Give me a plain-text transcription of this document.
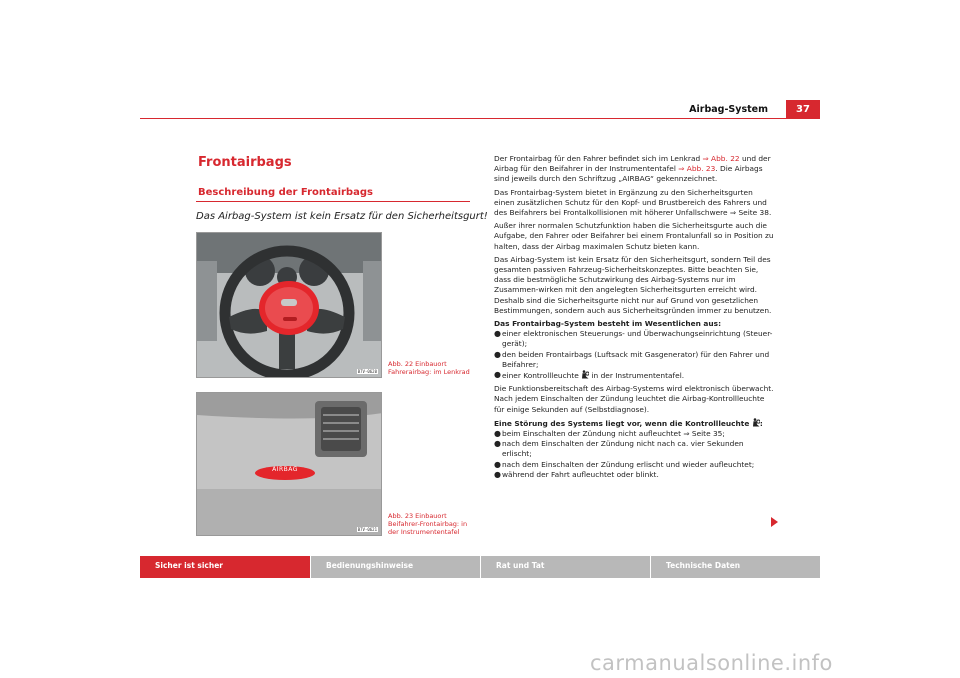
Airbag-System	37
Frontairbags
Beschreibung der Frontairbags
Das Airbag-System ist kein Ersatz für den Sicherheitsgurt!
B7V-0620
Abb. 22 Einbauort
Fahrerairbag: im Lenkrad
AIRBAG
B7V-0621
Abb. 23 Einbauort
Beifahrer-Frontairbag: in
der Instrumententafel

Der Frontairbag für den Fahrer befindet sich im Lenkrad ⇒ Abb. 22 und der Airbag für den Beifahrer in der Instrumententafel ⇒ Abb. 23. Die Airbags sind jeweils durch den Schriftzug „AIRBAG“ gekennzeichnet.

Das Frontairbag-System bietet in Ergänzung zu den Sicherheitsgurten einen zusätzlichen Schutz für den Kopf- und Brustbereich des Fahrers und des Beifahrers bei Frontalkollisionen mit höherer Unfallschwere ⇒ Seite 38.

Außer ihrer normalen Schutzfunktion haben die Sicherheitsgurte auch die Aufgabe, den Fahrer oder Beifahrer bei einem Frontalunfall so in Position zu halten, dass der Airbag maximalen Schutz bieten kann.

Das Airbag-System ist kein Ersatz für den Sicherheitsgurt, sondern Teil des gesamten passiven Fahrzeug-Sicherheitskonzeptes. Bitte beachten Sie, dass die bestmögliche Schutzwirkung des Airbag-Systems nur im Zusammen-wirken mit den angelegten Sicherheitsgurten erreicht wird. Deshalb sind die Sicherheitsgurte nicht nur auf Grund von gesetzlichen Bestimmungen, sondern auch aus Sicherheitsgründen immer zu benutzen.

Das Frontairbag-System besteht im Wesentlichen aus:
● einer elektronischen Steuerungs- und Überwachungseinrichtung (Steuer-gerät);
● den beiden Frontairbags (Luftsack mit Gasgenerator) für den Fahrer und Beifahrer;
● einer Kontrollleuchte  in der Instrumententafel.

Die Funktionsbereitschaft des Airbag-Systems wird elektronisch überwacht. Nach jedem Einschalten der Zündung leuchtet die Airbag-Kontrollleuchte für einige Sekunden auf (Selbstdiagnose).

Eine Störung des Systems liegt vor, wenn die Kontrollleuchte :
● beim Einschalten der Zündung nicht aufleuchtet ⇒ Seite 35;
● nach dem Einschalten der Zündung nicht nach ca. vier Sekunden erlischt;
● nach dem Einschalten der Zündung erlischt und wieder aufleuchtet;
● während der Fahrt aufleuchtet oder blinkt.
Sicher ist sicher	Bedienungshinweise	Rat und Tat	Technische Daten
carmanualsonline.info
